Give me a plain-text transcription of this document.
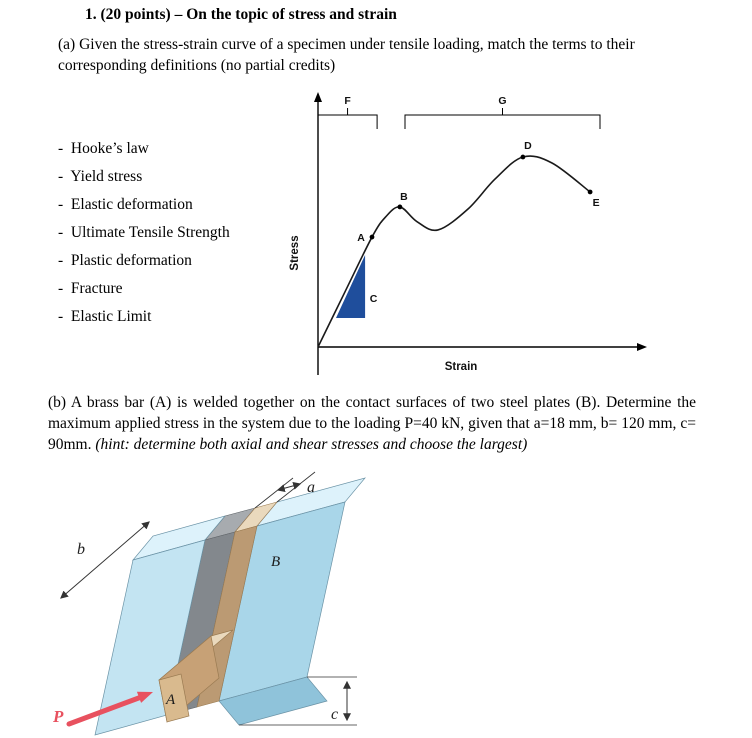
1. (20 points) – On the topic of stress and strain

(a) Given the stress-strain curve of a specimen under tensile loading, match the terms to their corresponding definitions (no partial credits)

- Hooke’s law
- Yield stress
- Elastic deformation
- Ultimate Tensile Strength
- Plastic deformation
- Fracture
- Elastic Limit
C
A
B
D
E
F	G
Stress
Strain

(b) A brass bar (A) is welded together on the contact surfaces of two steel plates (B). Determine the maximum applied stress in the system due to the loading P=40 kN, given that a=18 mm, b= 120 mm, c= 90mm. (hint: determine both axial and shear stresses and choose the largest)

a
b
c
A
B
P
